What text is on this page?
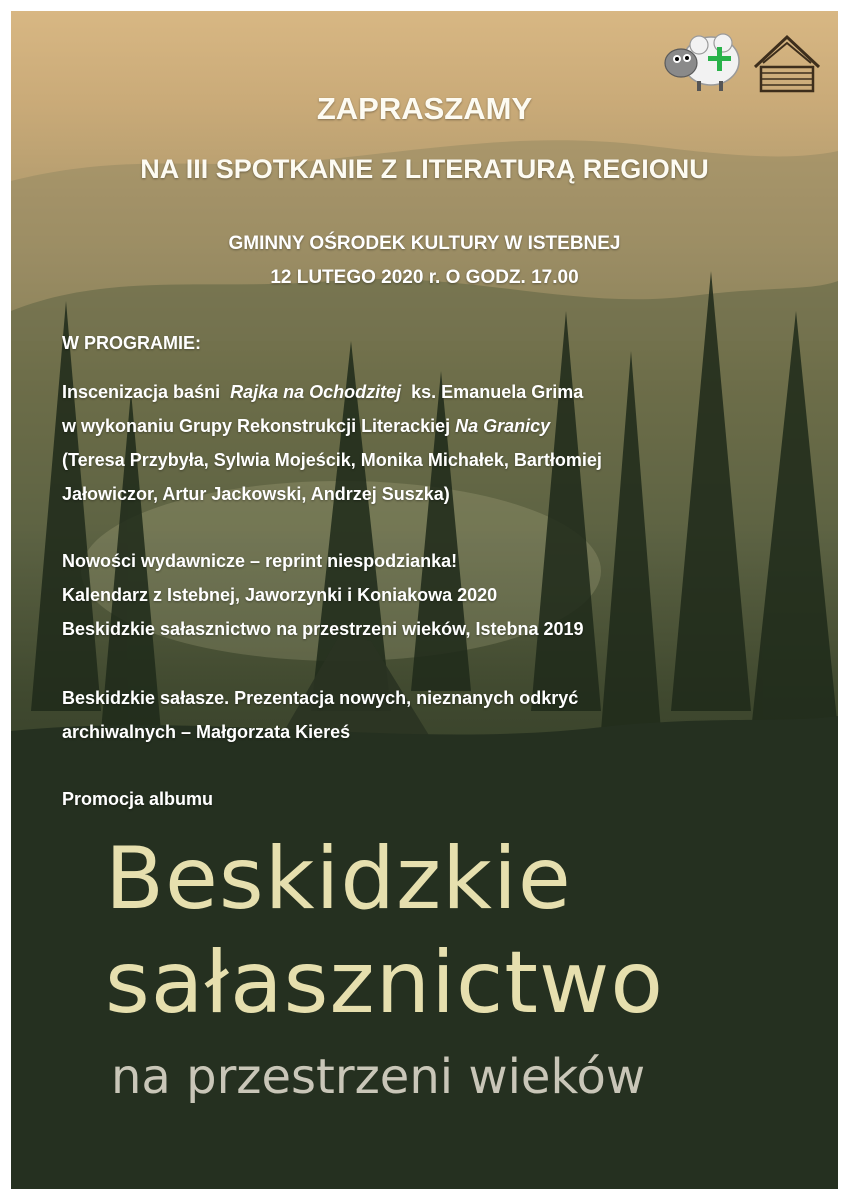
ZAPRASZAMY
NA III SPOTKANIE Z LITERATURĄ REGIONU
GMINNY OŚRODEK KULTURY W ISTEBNEJ
12 LUTEGO 2020 r. O GODZ. 17.00
W PROGRAMIE:
Inscenizacja baśni Rajka na Ochodzitej ks. Emanuela Grima
w wykonaniu Grupy Rekonstrukcji Literackiej Na Granicy
(Teresa Przybyła, Sylwia Mojeścik, Monika Michałek, Bartłomiej
Jałowiczor, Artur Jackowski, Andrzej Suszka)
Nowości wydawnicze – reprint niespodzianka!
Kalendarz z Istebnej, Jaworzynki i Koniakowa 2020
Beskidzkie sałasznictwo na przestrzeni wieków, Istebna 2019
Beskidzkie sałasze. Prezentacja nowych, nieznanych odkryć
archiwalnych – Małgorzata Kiereś
Promocja albumu
Beskidzkie
sałasznictwo
na przestrzeni wieków
